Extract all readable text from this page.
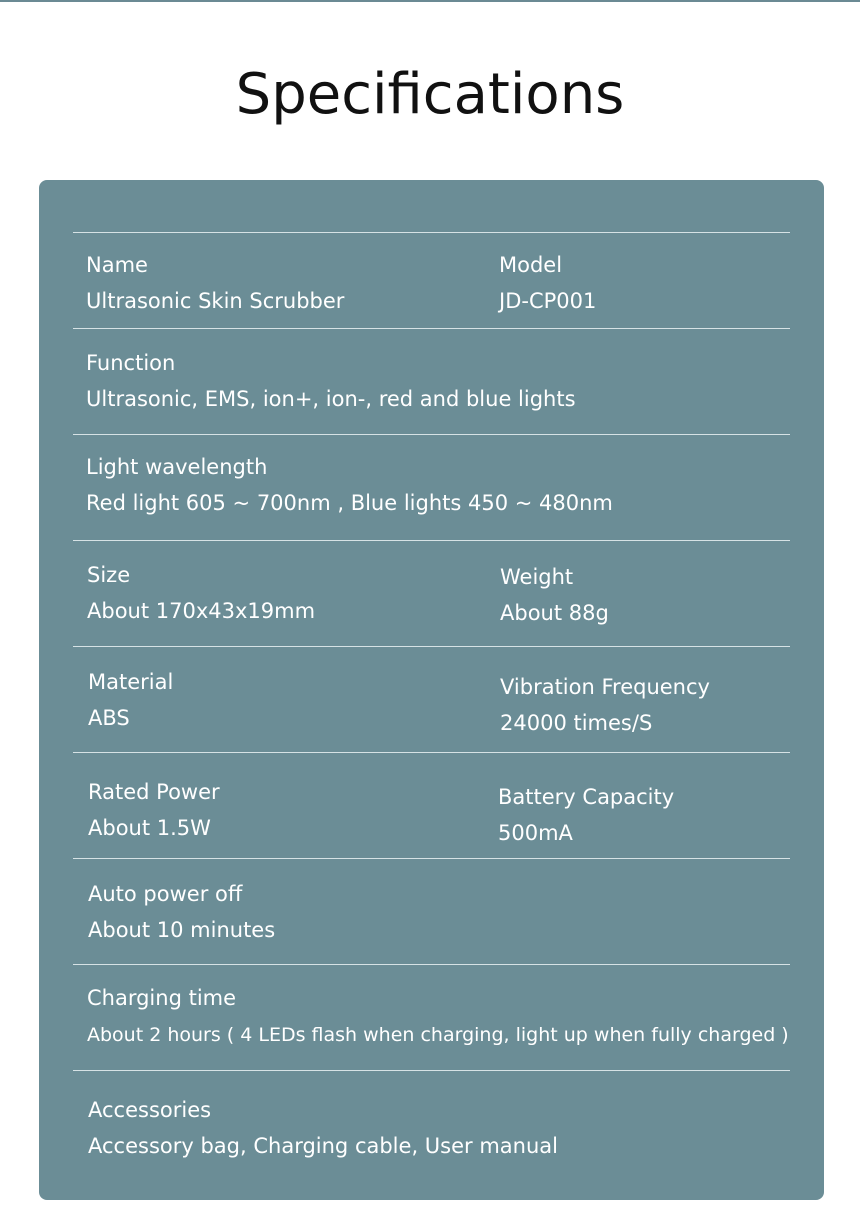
Specifications
Name
Ultrasonic Skin Scrubber
Model
JD-CP001
Function
Ultrasonic, EMS, ion+, ion-, red and blue lights
Light wavelength
Red light 605 ~ 700nm , Blue lights 450 ~ 480nm
Size
About 170x43x19mm
Weight
About 88g
Material
ABS
Vibration Frequency
24000 times/S
Rated Power
About 1.5W
Battery Capacity
500mA
Auto power off
About 10 minutes
Charging time
About 2 hours ( 4 LEDs flash when charging, light up when fully charged )
Accessories
Accessory bag, Charging cable, User manual
